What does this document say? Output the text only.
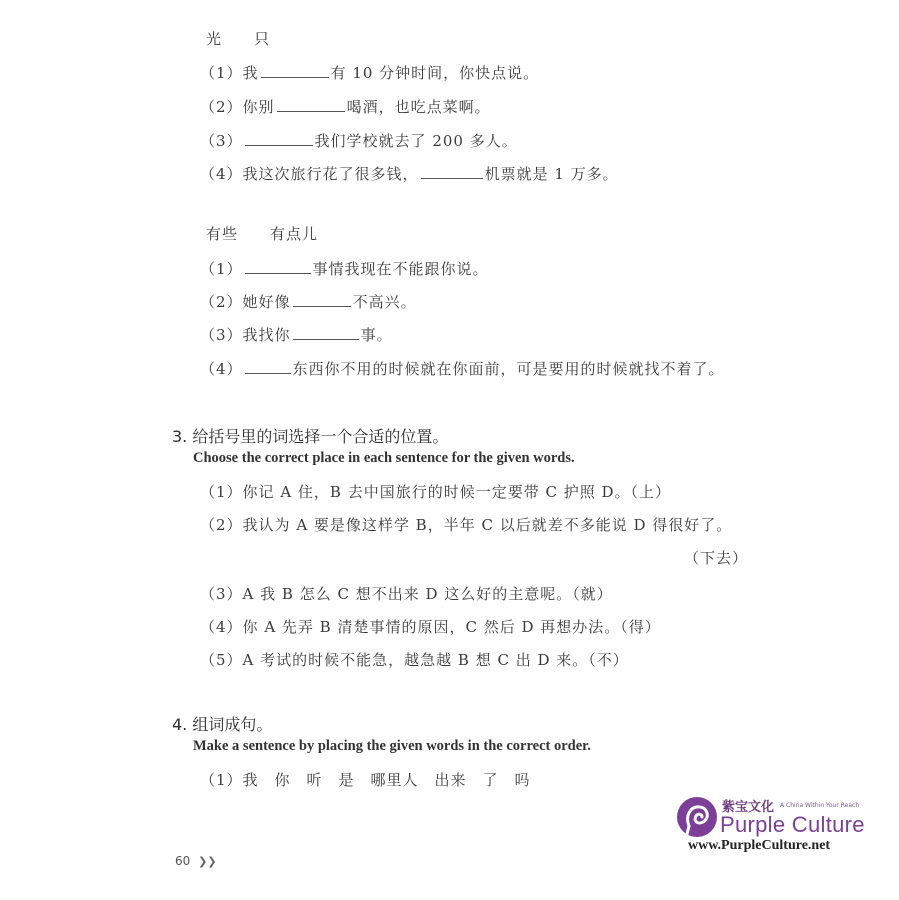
光　　只
（1）我	有 10 分钟时间，你快点说。
（2）你别	喝酒，也吃点菜啊。
（3）	我们学校就去了 200 多人。
（4）我这次旅行花了很多钱，	机票就是 1 万多。
有些　　有点儿
（1）	事情我现在不能跟你说。
（2）她好像	不高兴。
（3）我找你	事。
（4）	东西你不用的时候就在你面前，可是要用的时候就找不着了。
3. 给括号里的词选择一个合适的位置。
Choose the correct place in each sentence for the given words.
（1）你记 A 住，B 去中国旅行的时候一定要带 C 护照 D。（上）
（2）我认为 A 要是像这样学 B，半年 C 以后就差不多能说 D 得很好了。
（下去）
（3）A 我 B 怎么 C 想不出来 D 这么好的主意呢。（就）
（4）你 A 先弄 B 清楚事情的原因，C 然后 D 再想办法。（得）
（5）A 考试的时候不能急，越急越 B 想 C 出 D 来。（不）
4. 组词成句。
Make a sentence by placing the given words in the correct order.
（1）我　你　听　是　哪里人　出来　了　吗
60 ❯❯
紫宝文化 A China Within Your Reach
Purple Culture
www.PurpleCulture.net
